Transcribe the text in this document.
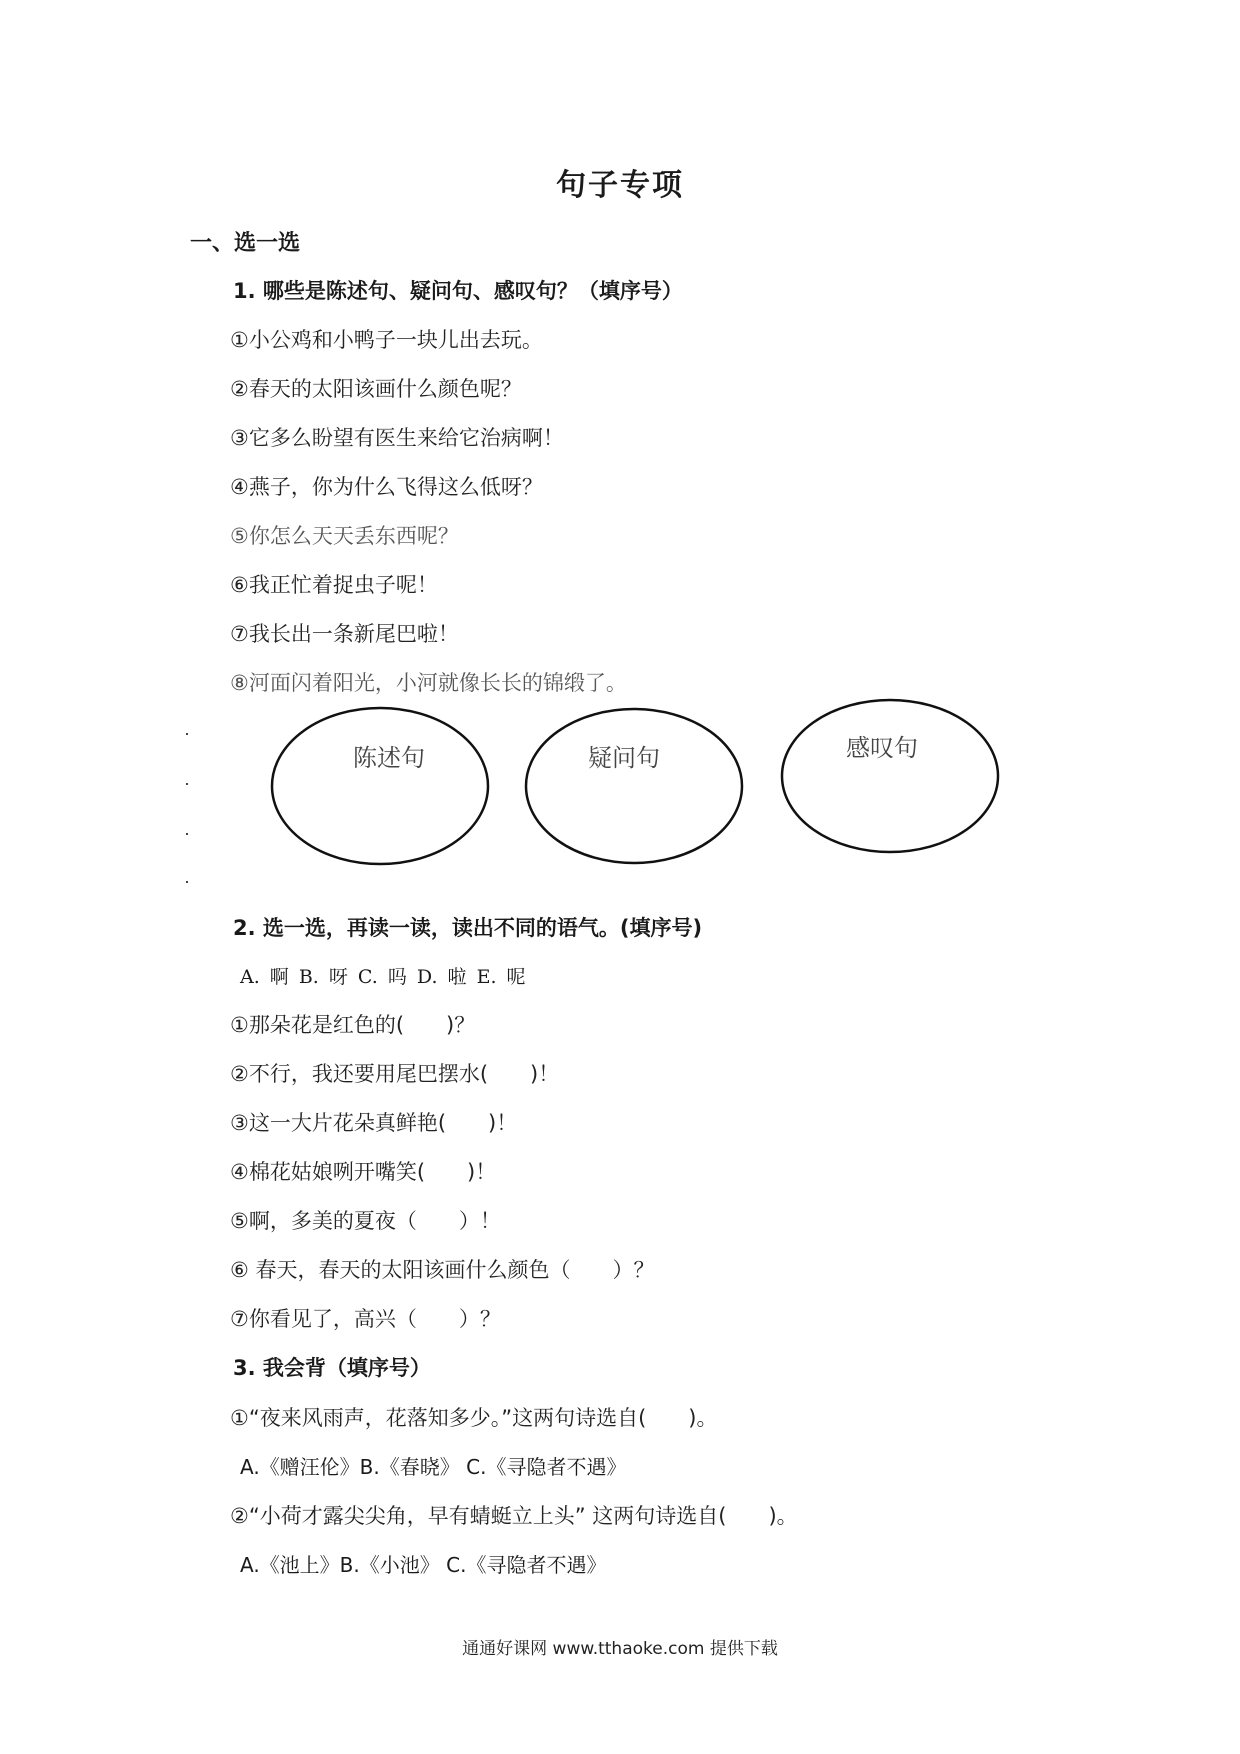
句子专项
一、选一选
1. 哪些是陈述句、疑问句、感叹句？（填序号）
①小公鸡和小鸭子一块儿出去玩。
②春天的太阳该画什么颜色呢？
③它多么盼望有医生来给它治病啊！
④燕子，你为什么飞得这么低呀？
⑤你怎么天天丢东西呢？
⑥我正忙着捉虫子呢！
⑦我长出一条新尾巴啦！
⑧河面闪着阳光，小河就像长长的锦缎了。
陈述句	疑问句	感叹句
2. 选一选，再读一读，读出不同的语气。(填序号)
A. 啊 B. 呀 C. 吗 D. 啦 E. 呢
①那朵花是红色的(　　)？
②不行，我还要用尾巴摆水(　　)！
③这一大片花朵真鲜艳(　　)！
④棉花姑娘咧开嘴笑(　　)！
⑤啊，多美的夏夜（　　）！
⑥ 春天，春天的太阳该画什么颜色（　　）？
⑦你看见了，高兴（　　）？
3. 我会背（填序号）
①“夜来风雨声，花落知多少。”这两句诗选自(　　)。
A.《赠汪伦》B.《春晓》 C.《寻隐者不遇》
②“小荷才露尖尖角，早有蜻蜓立上头” 这两句诗选自(　　)。
A.《池上》B.《小池》 C.《寻隐者不遇》
通通好课网 www.tthaoke.com 提供下载
